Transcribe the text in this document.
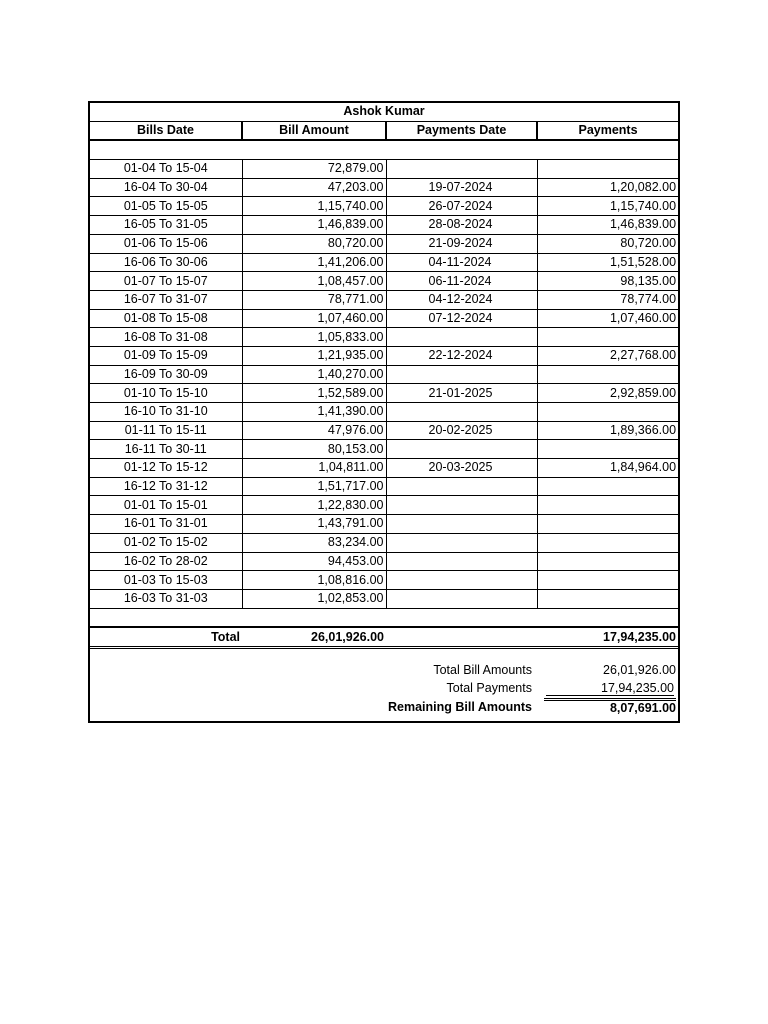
Ashok Kumar			
Bills Date	Bill Amount	Payments Date	Payments

01-04 To 15-04	72,879.00		
16-04 To 30-04	47,203.00	19-07-2024	1,20,082.00
01-05 To 15-05	1,15,740.00	26-07-2024	1,15,740.00
16-05 To 31-05	1,46,839.00	28-08-2024	1,46,839.00
01-06 To 15-06	80,720.00	21-09-2024	80,720.00
16-06 To 30-06	1,41,206.00	04-11-2024	1,51,528.00
01-07 To 15-07	1,08,457.00	06-11-2024	98,135.00
16-07 To 31-07	78,771.00	04-12-2024	78,774.00
01-08 To 15-08	1,07,460.00	07-12-2024	1,07,460.00
16-08 To 31-08	1,05,833.00		
01-09 To 15-09	1,21,935.00	22-12-2024	2,27,768.00
16-09 To 30-09	1,40,270.00		
01-10 To 15-10	1,52,589.00	21-01-2025	2,92,859.00
16-10 To 31-10	1,41,390.00		
01-11 To 15-11	47,976.00	20-02-2025	1,89,366.00
16-11 To 30-11	80,153.00		
01-12 To 15-12	1,04,811.00	20-03-2025	1,84,964.00
16-12 To 31-12	1,51,717.00		
01-01 To 15-01	1,22,830.00		
16-01 To 31-01	1,43,791.00		
01-02 To 15-02	83,234.00		
16-02 To 28-02	94,453.00		
01-03 To 15-03	1,08,816.00		
16-03 To 31-03	1,02,853.00		

Total	26,01,926.00		17,94,235.00
Total Bill Amounts	26,01,926.00
Total Payments	17,94,235.00
Remaining Bill Amounts	8,07,691.00
